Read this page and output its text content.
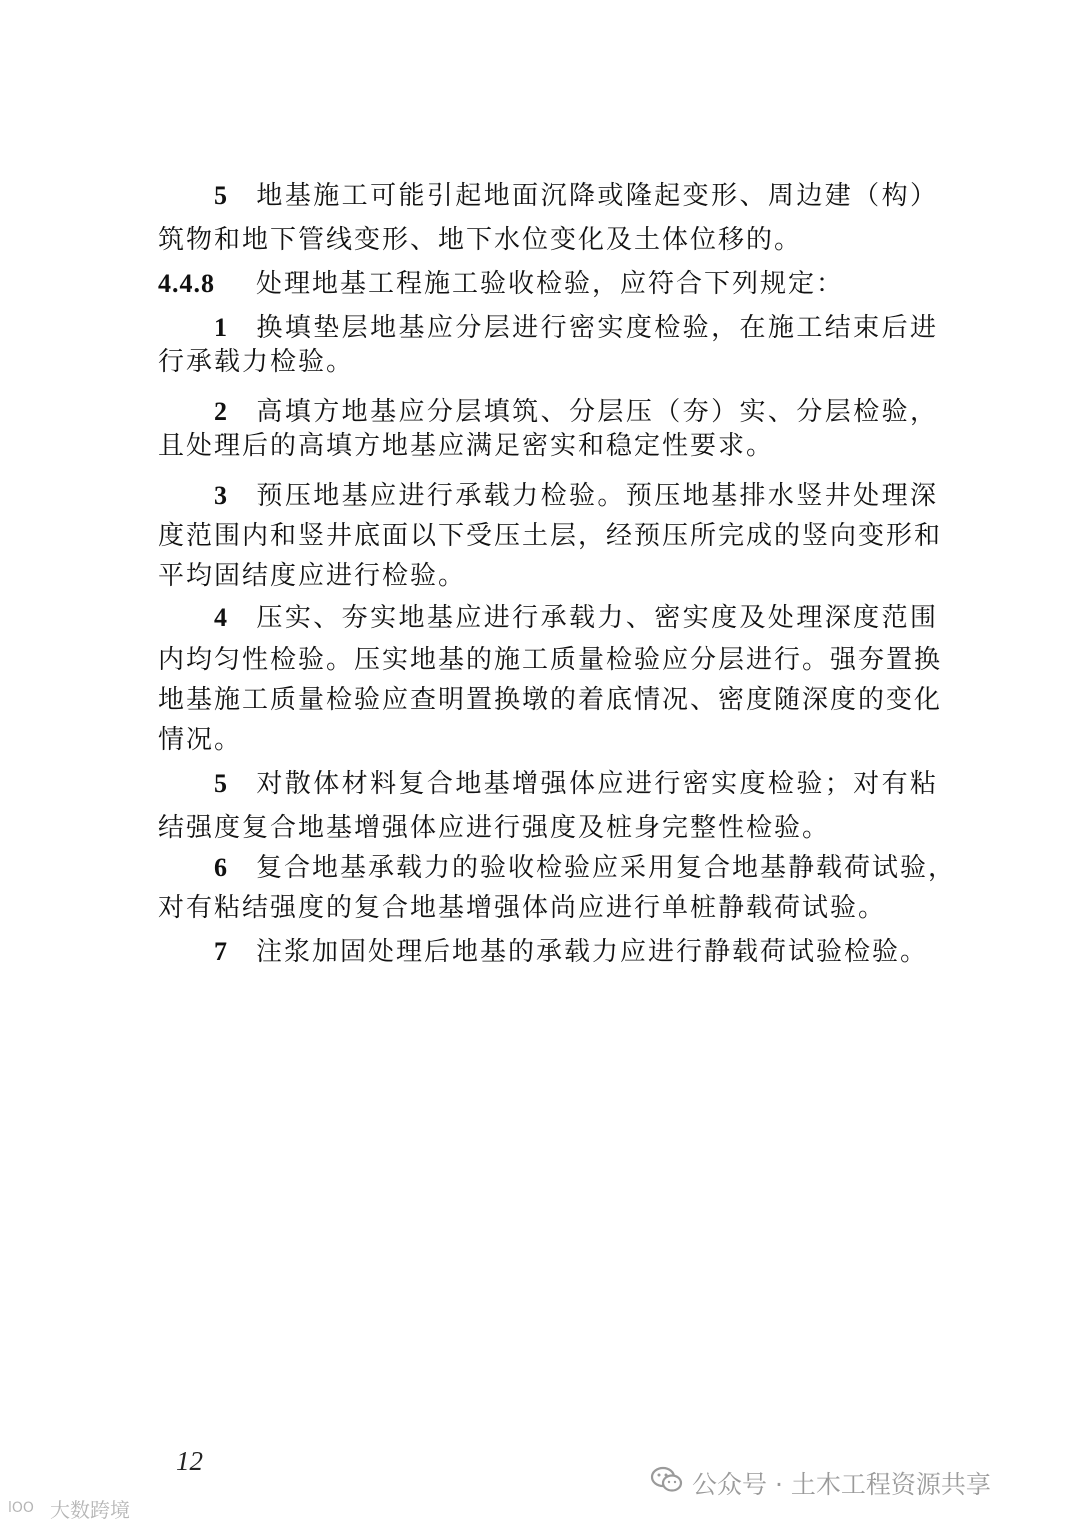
5 地基施工可能引起地面沉降或隆起变形、周边建（构）
筑物和地下管线变形、地下水位变化及土体位移的。
4.4.8 处理地基工程施工验收检验，应符合下列规定：
1 换填垫层地基应分层进行密实度检验，在施工结束后进
行承载力检验。
2 高填方地基应分层填筑、分层压（夯）实、分层检验，
且处理后的高填方地基应满足密实和稳定性要求。
3 预压地基应进行承载力检验。预压地基排水竖井处理深
度范围内和竖井底面以下受压土层，经预压所完成的竖向变形和
平均固结度应进行检验。
4 压实、夯实地基应进行承载力、密实度及处理深度范围
内均匀性检验。压实地基的施工质量检验应分层进行。强夯置换
地基施工质量检验应查明置换墩的着底情况、密度随深度的变化
情况。
5 对散体材料复合地基增强体应进行密实度检验；对有粘
结强度复合地基增强体应进行强度及桩身完整性检验。
6 复合地基承载力的验收检验应采用复合地基静载荷试验，
对有粘结强度的复合地基增强体尚应进行单桩静载荷试验。
7 注浆加固处理后地基的承载力应进行静载荷试验检验。
12
公众号 · 土木工程资源共享
lOO 大数跨境
